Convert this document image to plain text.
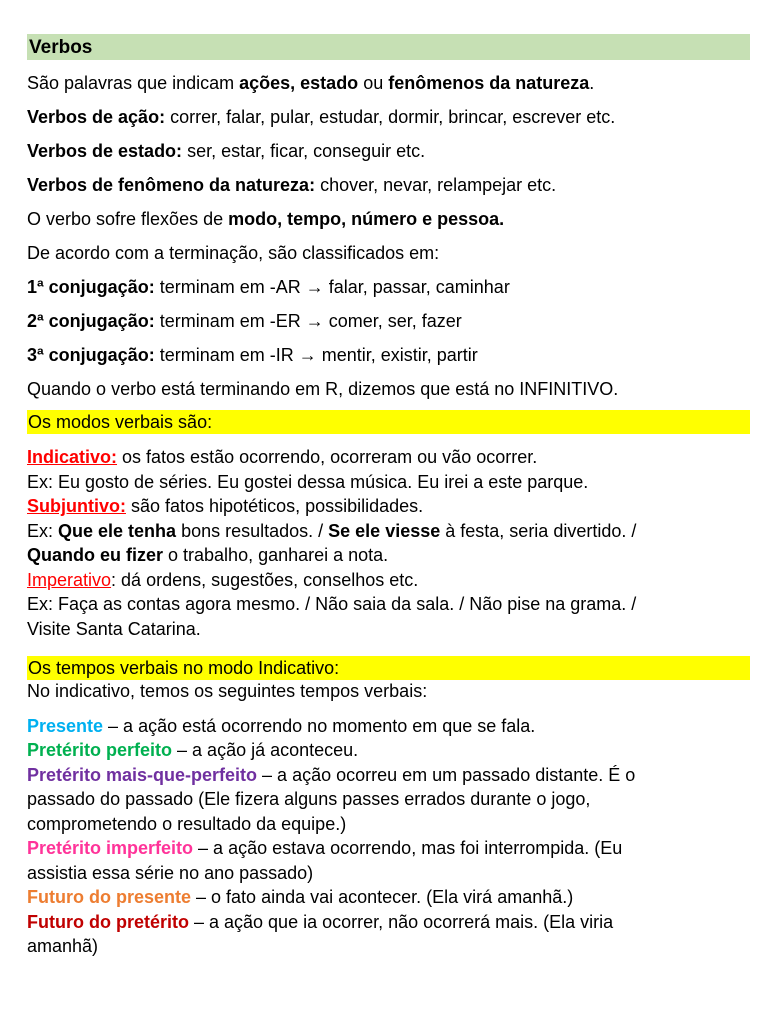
Verbos

São palavras que indicam ações, estado ou fenômenos da natureza.

Verbos de ação: correr, falar, pular, estudar, dormir, brincar, escrever etc.

Verbos de estado: ser, estar, ficar, conseguir etc.

Verbos de fenômeno da natureza: chover, nevar, relampejar etc.

O verbo sofre flexões de modo, tempo, número e pessoa.

De acordo com a terminação, são classificados em:

1ª conjugação: terminam em -AR → falar, passar, caminhar

2ª conjugação: terminam em -ER → comer, ser, fazer

3ª conjugação: terminam em -IR → mentir, existir, partir

Quando o verbo está terminando em R, dizemos que está no INFINITIVO.

Os modos verbais são:

Indicativo: os fatos estão ocorrendo, ocorreram ou vão ocorrer.

Ex: Eu gosto de séries. Eu gostei dessa música. Eu irei a este parque.

Subjuntivo: são fatos hipotéticos, possibilidades.

Ex: Que ele tenha bons resultados. / Se ele viesse à festa, seria divertido. /

Quando eu fizer o trabalho, ganharei a nota.

Imperativo: dá ordens, sugestões, conselhos etc.

Ex: Faça as contas agora mesmo. / Não saia da sala. / Não pise na grama. /

Visite Santa Catarina.

Os tempos verbais no modo Indicativo:

No indicativo, temos os seguintes tempos verbais:

Presente – a ação está ocorrendo no momento em que se fala.

Pretérito perfeito – a ação já aconteceu.

Pretérito mais-que-perfeito – a ação ocorreu em um passado distante. É o

passado do passado (Ele fizera alguns passes errados durante o jogo,

comprometendo o resultado da equipe.)

Pretérito imperfeito – a ação estava ocorrendo, mas foi interrompida. (Eu

assistia essa série no ano passado)

Futuro do presente – o fato ainda vai acontecer. (Ela virá amanhã.)

Futuro do pretérito – a ação que ia ocorrer, não ocorrerá mais. (Ela viria

amanhã)
